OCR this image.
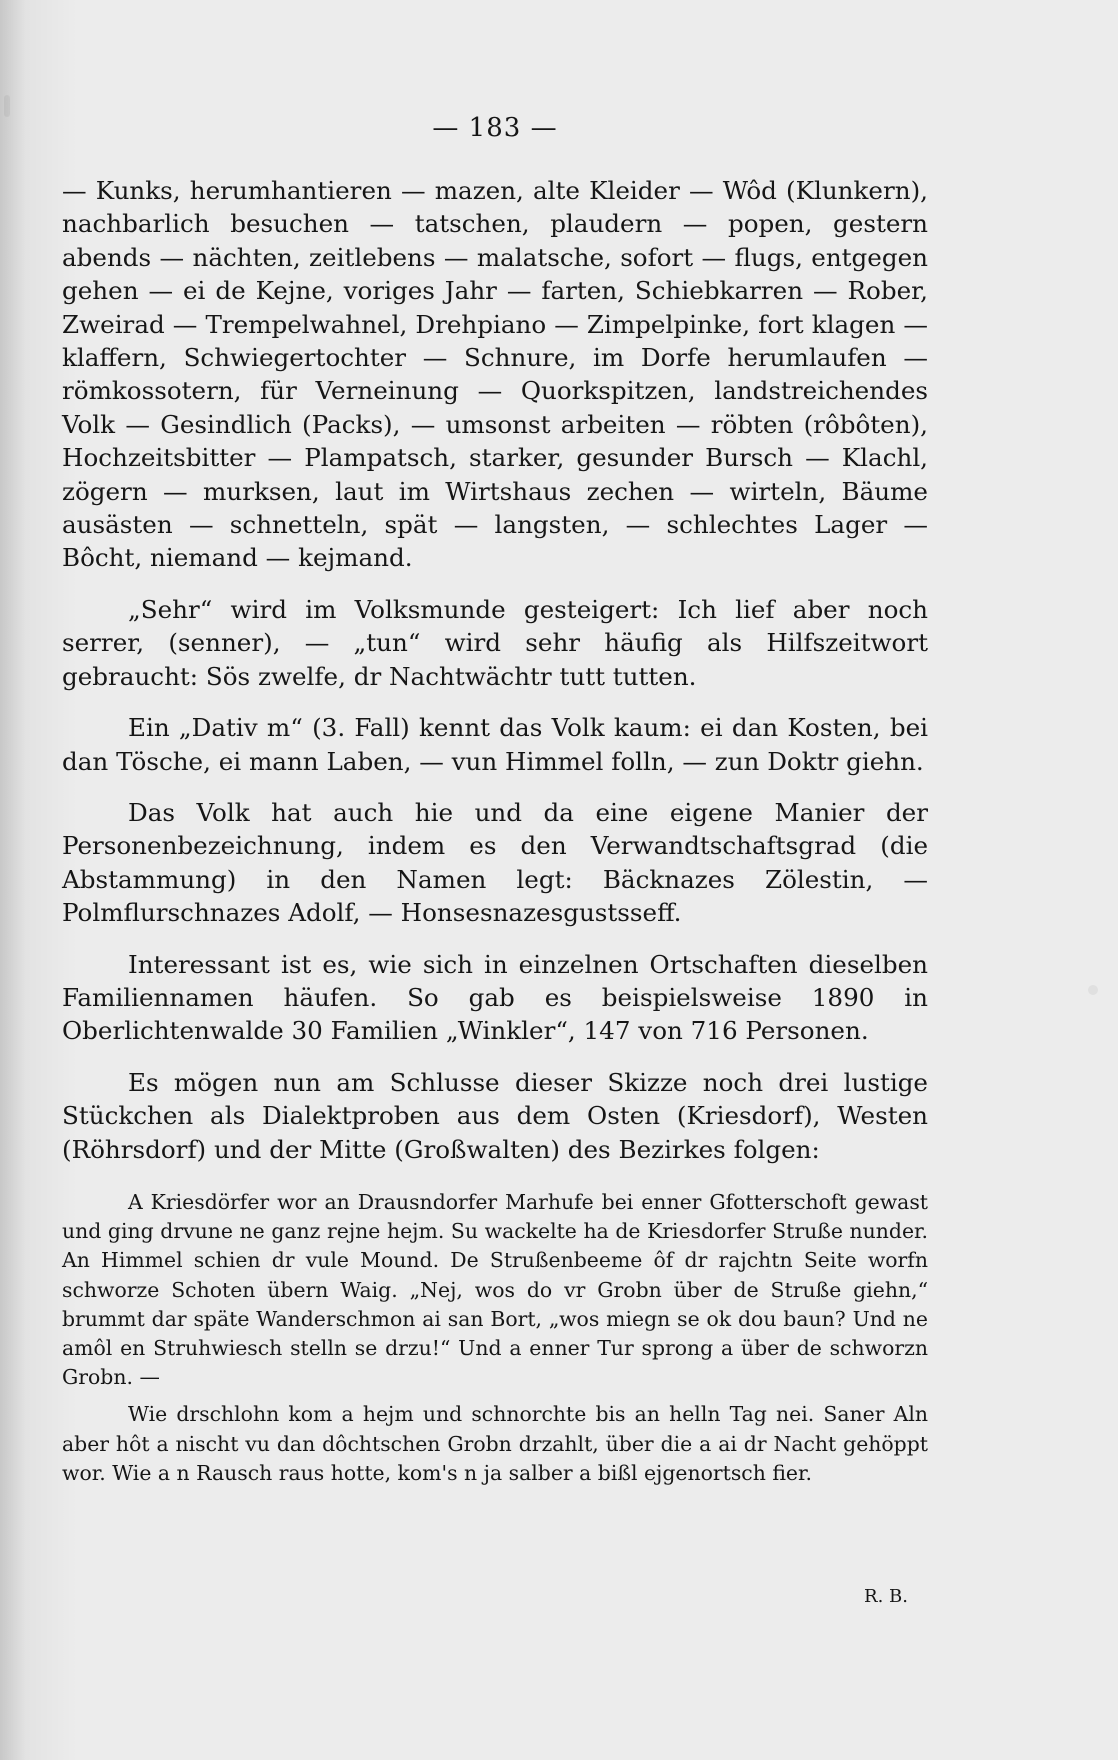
— 183 —

— Kunks, herumhantieren — mazen, alte Kleider — Wôd (Klunkern), nachbarlich besuchen — tatschen, plaudern — popen, gestern abends — nächten, zeitlebens — malatsche, sofort — flugs, entgegen gehen — ei de Kejne, voriges Jahr — farten, Schiebkarren — Rober, Zweirad — Trempelwahnel, Drehpiano — Zimpelpinke, fort klagen — klaffern, Schwiegertochter — Schnure, im Dorfe herumlaufen — römkossotern, für Verneinung — Quorkspitzen, landstreichendes Volk — Gesindlich (Packs), — umsonst arbeiten — röbten (rôbôten), Hochzeitsbitter — Plampatsch, starker, gesunder Bursch — Klachl, zögern — murksen, laut im Wirtshaus zechen — wirteln, Bäume ausästen — schnetteln, spät — langsten, — schlechtes Lager — Bôcht, niemand — kejmand.

„Sehr“ wird im Volksmunde gesteigert: Ich lief aber noch serrer, (senner), — „tun“ wird sehr häufig als Hilfszeitwort gebraucht: Sös zwelfe, dr Nachtwächtr tutt tutten.

Ein „Dativ m“ (3. Fall) kennt das Volk kaum: ei dan Kosten, bei dan Töschе, ei mann Laben, — vun Himmel folln, — zun Doktr giehn.

Das Volk hat auch hie und da eine eigene Manier der Personenbezeichnung, indem es den Verwandtschaftsgrad (die Abstammung) in den Namen legt: Bäcknazes Zölestin, — Polmflurschnazes Adolf, — Honsesnazesgustsseff.

Interessant ist es, wie sich in einzelnen Ortschaften dieselben Familiennamen häufen. So gab es beispielsweise 1890 in Oberlichtenwalde 30 Familien „Winkler“, 147 von 716 Personen.

Es mögen nun am Schlusse dieser Skizze noch drei lustige Stückchen als Dialektproben aus dem Osten (Kriesdorf), Westen (Röhrsdorf) und der Mitte (Großwalten) des Bezirkes folgen:

A Kriesdörfer wor an Drausndorfer Marhufe bei enner Gfotterschoft gewast und ging drvune ne ganz rejne hejm. Su wackelte ha de Kriesdorfer Struße nunder. An Himmel schien dr vule Mound. De Strußenbeeme ôf dr rajchtn Seite worfn schworze Schoten übern Waig. „Nej, wos do vr Grobn über de Struße giehn,“ brummt dar späte Wanderschmon ai san Bort, „wos miegn se ok dou baun? Und ne amôl en Struhwiesch stelln se drzu!“ Und a enner Tur sprong a über de schworzn Grobn. —

Wie drschlohn kom a hejm und schnorchte bis an helln Tag nei. Saner Aln aber hôt a nischt vu dan dôchtschen Grobn drzahlt, über die a ai dr Nacht gehöppt wor. Wie a n Rausch raus hotte, kom's n ja salber a bißl ejgenortsch fier.

R. B.
